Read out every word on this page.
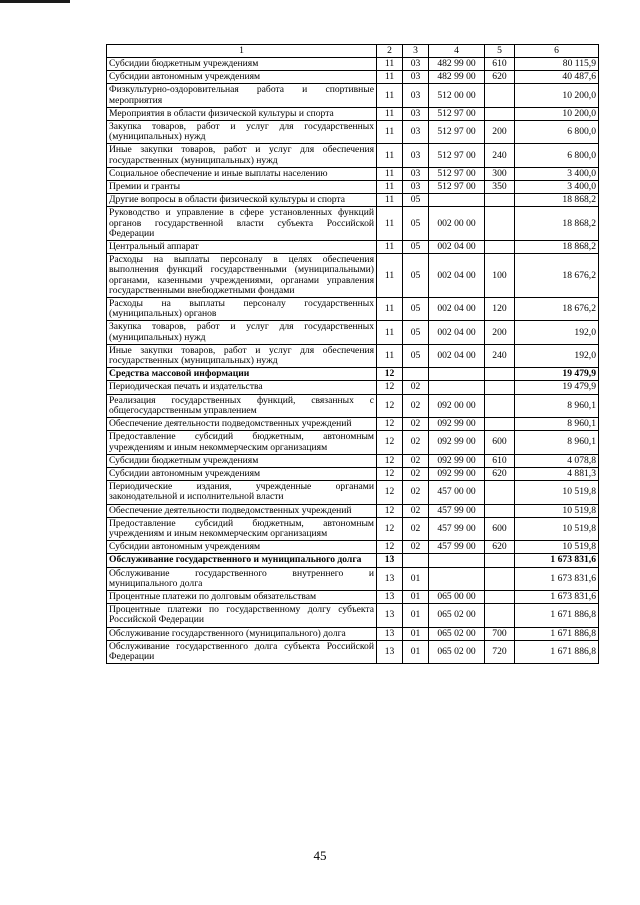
1	2	3	4	5	6
Субсидии бюджетным учреждениям	11	03	482 99 00	610	80 115,9
Субсидии автономным учреждениям	11	03	482 99 00	620	40 487,6
Физкультурно-оздоровительная работа и спортивные мероприятия	11	03	512 00 00		10 200,0
Мероприятия в области физической культуры и спорта	11	03	512 97 00		10 200,0
Закупка товаров, работ и услуг для государственных (муниципальных) нужд	11	03	512 97 00	200	6 800,0
Иные закупки товаров, работ и услуг для обеспечения государственных (муниципальных) нужд	11	03	512 97 00	240	6 800,0
Социальное обеспечение и иные выплаты населению	11	03	512 97 00	300	3 400,0
Премии и гранты	11	03	512 97 00	350	3 400,0
Другие вопросы в области физической культуры и спорта	11	05			18 868,2
Руководство и управление в сфере установленных функций органов государственной власти субъекта Российской Федерации	11	05	002 00 00		18 868,2
Центральный аппарат	11	05	002 04 00		18 868,2
Расходы на выплаты персоналу в целях обеспечения выполнения функций государственными (муниципальными) органами, казенными учреждениями, органами управления государственными внебюджетными фондами	11	05	002 04 00	100	18 676,2
Расходы на выплаты персоналу государственных (муниципальных) органов	11	05	002 04 00	120	18 676,2
Закупка товаров, работ и услуг для государственных (муниципальных) нужд	11	05	002 04 00	200	192,0
Иные закупки товаров, работ и услуг для обеспечения государственных (муниципальных) нужд	11	05	002 04 00	240	192,0
Средства массовой информации	12				19 479,9
Периодическая печать и издательства	12	02			19 479,9
Реализация государственных функций, связанных с общегосударственным управлением	12	02	092 00 00		8 960,1
Обеспечение деятельности подведомственных учреждений	12	02	092 99 00		8 960,1
Предоставление субсидий бюджетным, автономным учреждениям и иным некоммерческим организациям	12	02	092 99 00	600	8 960,1
Субсидии бюджетным учреждениям	12	02	092 99 00	610	4 078,8
Субсидии автономным учреждениям	12	02	092 99 00	620	4 881,3
Периодические издания, учрежденные органами законодательной и исполнительной власти	12	02	457 00 00		10 519,8
Обеспечение деятельности подведомственных учреждений	12	02	457 99 00		10 519,8
Предоставление субсидий бюджетным, автономным учреждениям и иным некоммерческим организациям	12	02	457 99 00	600	10 519,8
Субсидии автономным учреждениям	12	02	457 99 00	620	10 519,8
Обслуживание государственного и муниципального долга	13				1 673 831,6
Обслуживание государственного внутреннего и муниципального долга	13	01			1 673 831,6
Процентные платежи по долговым обязательствам	13	01	065 00 00		1 673 831,6
Процентные платежи по государственному долгу субъекта Российской Федерации	13	01	065 02 00		1 671 886,8
Обслуживание государственного (муниципального) долга	13	01	065 02 00	700	1 671 886,8
Обслуживание государственного долга субъекта Российской Федерации	13	01	065 02 00	720	1 671 886,8
45
